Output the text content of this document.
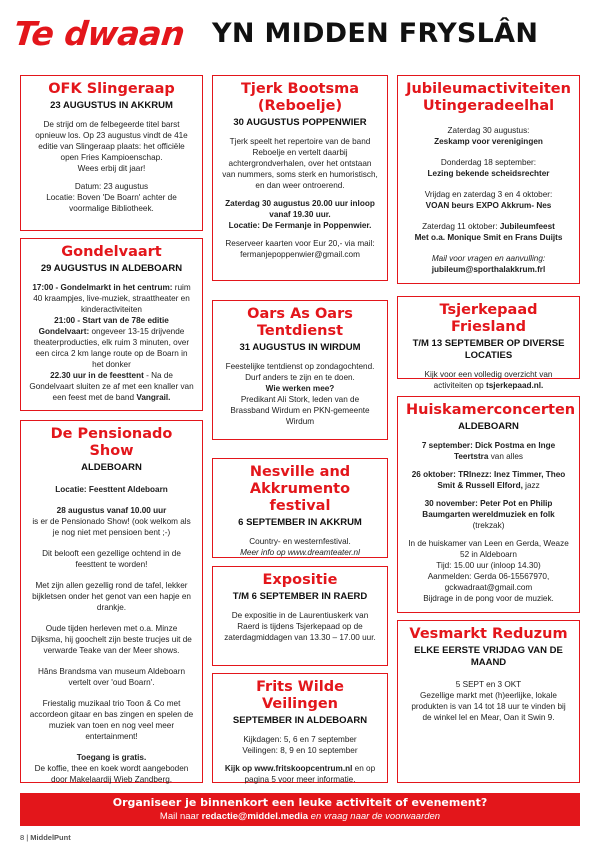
Te dwaan YN MIDDEN FRYSLÂN
OFK Slingeraap
23 AUGUSTUS IN AKKRUM

De strijd om de felbegeerde titel barst opnieuw los. Op 23 augustus vindt de 41e editie van Slingeraap plaats: het officiële open Fries Kampioenschap.

Wees erbij dit jaar!

Datum: 23 augustus

Locatie: Boven 'De Boarn' achter de voormalige Bibliotheek.

Gondelvaart
29 AUGUSTUS IN ALDEBOARN

17:00 - Gondelmarkt in het centrum: ruim 40 kraampjes, live-muziek, straattheater en kinderactiviteiten

21:00 - Start van de 78e editie Gondelvaart: ongeveer 13-15 drijvende theaterproducties, elk ruim 3 minuten, over een circa 2 km lange route op de Boarn in het donker

22.30 uur in de feesttent - Na de Gondelvaart sluiten ze af met een knaller van een feest met de band Vangrail.

De Pensionado Show
ALDEBOARN

Locatie: Feesttent Aldeboarn

28 augustus vanaf 10.00 uur

is er de Pensionado Show! (ook welkom als je nog niet met pensioen bent ;-)

Dit belooft een gezellige ochtend in de feesttent te worden!

Met zijn allen gezellig rond de tafel, lekker bijkletsen onder het genot van een hapje en drankje.

Oude tijden herleven met o.a. Minze Dijksma, hij goochelt zijn beste trucjes uit de verwarde Teake van der Meer shows.

Hâns Brandsma van museum Aldeboarn vertelt over 'oud Boarn'.

Friestalig muzikaal trio Toon & Co met accordeon gitaar en bas zingen en spelen de muziek van toen en nog veel meer entertainment!

Toegang is gratis.

De koffie, thee en koek wordt aangeboden door Makelaardij Wieb Zandberg.

Tjerk Bootsma (Reboelje)
30 AUGUSTUS POPPENWIER

Tjerk speelt het repertoire van de band Reboelje en vertelt daarbij achtergrondverhalen, over het ontstaan van nummers, soms sterk en humoristisch, en dan weer ontroerend.

Zaterdag 30 augustus 20.00 uur inloop vanaf 19.30 uur.

Locatie: De Fermanje in Poppenwier.

Reserveer kaarten voor Eur 20,- via mail: fermanjepoppenwier@gmail.com

Oars As Oars Tentdienst
31 AUGUSTUS IN WIRDUM

Feestelijke tentdienst op zondagochtend. Durf anders te zijn en te doen.

Wie werken mee?

Predikant Ali Stork, leden van de Brassband Wirdum en PKN-gemeente Wirdum

Nesville and Akkrumento festival
6 SEPTEMBER IN AKKRUM

Country- en westernfestival.

Meer info op www.dreamteater.nl

Expositie
T/M 6 SEPTEMBER IN RAERD

De expositie in de Laurentiuskerk van Raerd is tijdens Tsjerkepaad op de zaterdagmiddagen van 13.30 – 17.00 uur.

Frits Wilde Veilingen
SEPTEMBER IN ALDEBOARN

Kijkdagen: 5, 6 en 7 september

Veilingen: 8, 9 en 10 september

Kijk op www.fritskoopcentrum.nl en op pagina 5 voor meer informatie.

Jubileumactiviteiten Utingeradeelhal

Zaterdag 30 augustus:

Zeskamp voor verenigingen

Donderdag 18 september:

Lezing bekende scheidsrechter

Vrijdag en zaterdag 3 en 4 oktober:

VOAN beurs EXPO Akkrum- Nes

Zaterdag 11 oktober: Jubileumfeest

Met o.a. Monique Smit en Frans Duijts

Mail voor vragen en aanvulling:

jubileum@sporthalakkrum.frl

Tsjerkepaad Friesland
T/M 13 SEPTEMBER OP DIVERSE LOCATIES

Kijk voor een volledig overzicht van activiteiten op tsjerkepaad.nl.

Huiskamerconcerten
ALDEBOARN

7 september: Dick Postma en Inge Teertstra van alles

26 oktober: TRInezz: Inez Timmer, Theo Smit & Russell Elford, jazz

30 november: Peter Pot en Philip Baumgarten wereldmuziek en folk

(trekzak)

In de huiskamer van Leen en Gerda, Weaze 52 in Aldeboarn

Tijd: 15.00 uur (inloop 14.30)

Aanmelden: Gerda 06-15567970, gckwadraat@gmail.com

Bijdrage in de pong voor de muziek.

Vesmarkt Reduzum
ELKE EERSTE VRIJDAG VAN DE MAAND

5 SEPT en 3 OKT

Gezellige markt met (h)eerlijke, lokale produkten is van 14 tot 18 uur te vinden bij de winkel lel en Mear, Oan it Swin 9.

Organiseer je binnenkort een leuke activiteit of evenement?
Mail naar redactie@middel.media en vraag naar de voorwaarden
8 | MiddelPunt
